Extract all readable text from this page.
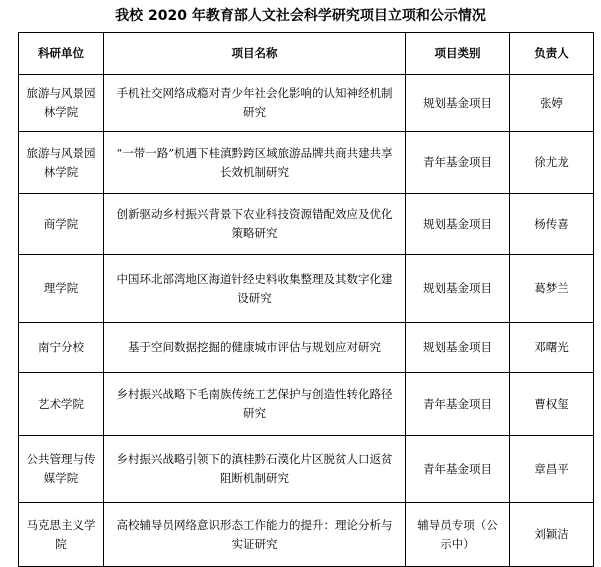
我校 2020 年教育部人文社会科学研究项目立项和公示情况
科研单位	项目名称	项目类别	负责人
旅游与风景园林学院	手机社交网络成瘾对青少年社会化影响的认知神经机制研究	规划基金项目	张婷
旅游与风景园林学院	“一带一路”机遇下桂滇黔跨区域旅游品牌共商共建共享长效机制研究	青年基金项目	徐尤龙
商学院	创新驱动乡村振兴背景下农业科技资源错配效应及优化策略研究	规划基金项目	杨传喜
理学院	中国环北部湾地区海道针经史料收集整理及其数字化建设研究	规划基金项目	葛梦兰
南宁分校	基于空间数据挖掘的健康城市评估与规划应对研究	规划基金项目	邓曙光
艺术学院	乡村振兴战略下毛南族传统工艺保护与创造性转化路径研究	青年基金项目	曹权玺
公共管理与传媒学院	乡村振兴战略引领下的滇桂黔石漠化片区脱贫人口返贫阻断机制研究	青年基金项目	章昌平
马克思主义学院	高校辅导员网络意识形态工作能力的提升：理论分析与实证研究	辅导员专项（公示中）	刘颖洁
